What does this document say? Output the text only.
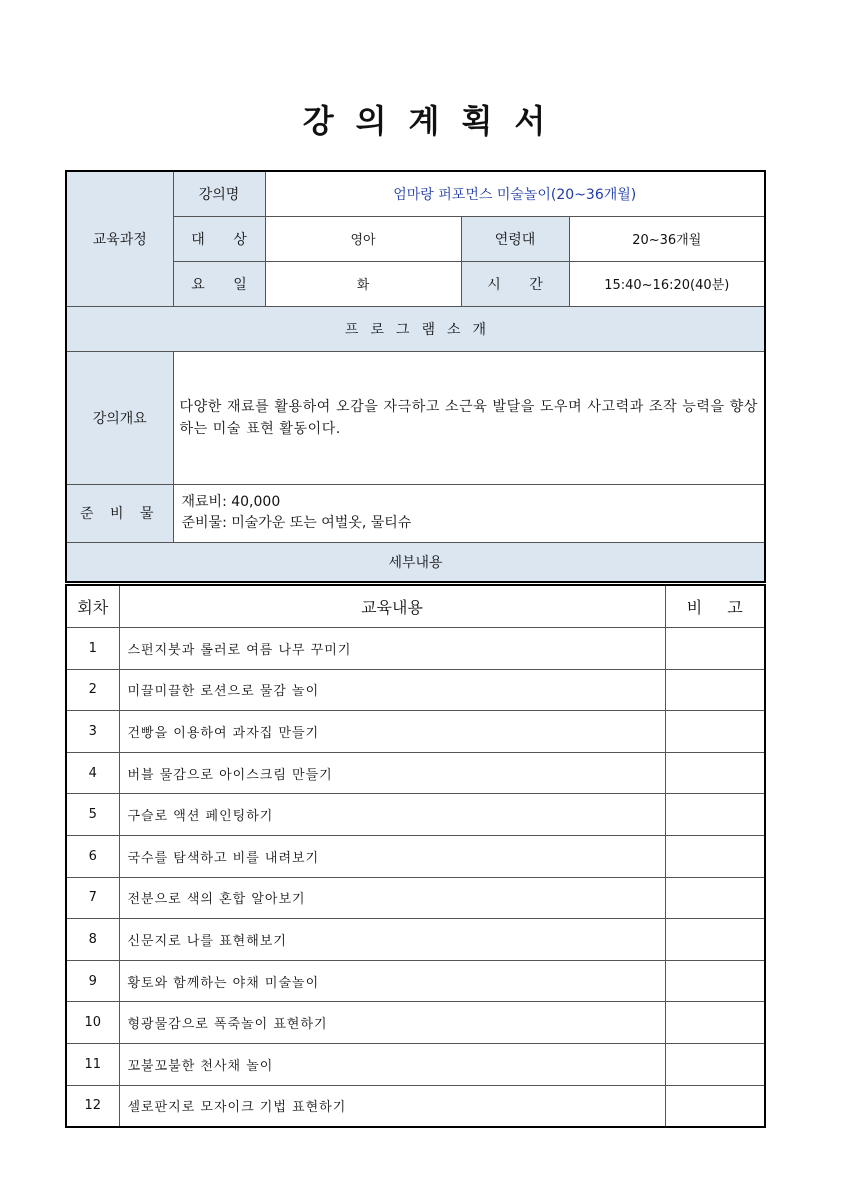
강의계획서
교육과정	강의명	엄마랑 퍼포먼스 미술놀이(20~36개월)		
	대 상	영아	연령대	20~36개월
	요 일	화	시 간	15:40~16:20(40분)
프로그램소개				
강의개요	다양한 재료를 활용하여 오감을 자극하고 소근육 발달을 도우며 사고력과 조작 능력을 향상하는 미술 표현 활동이다.			
준 비 물	재료비: 40,000
준비물: 미술가운 또는 여벌옷, 물티슈			

세부내용				
회차	교육내용	비 고
1	스펀지붓과 롤러로 여름 나무 꾸미기	
2	미끌미끌한 로션으로 물감 놀이	
3	건빵을 이용하여 과자집 만들기	
4	버블 물감으로 아이스크림 만들기	
5	구슬로 액션 페인팅하기	
6	국수를 탐색하고 비를 내려보기	
7	전분으로 색의 혼합 알아보기	
8	신문지로 나를 표현해보기	
9	황토와 함께하는 야채 미술놀이	
10	형광물감으로 폭죽놀이 표현하기	
11	꼬불꼬불한 천사채 놀이	
12	셀로판지로 모자이크 기법 표현하기	
